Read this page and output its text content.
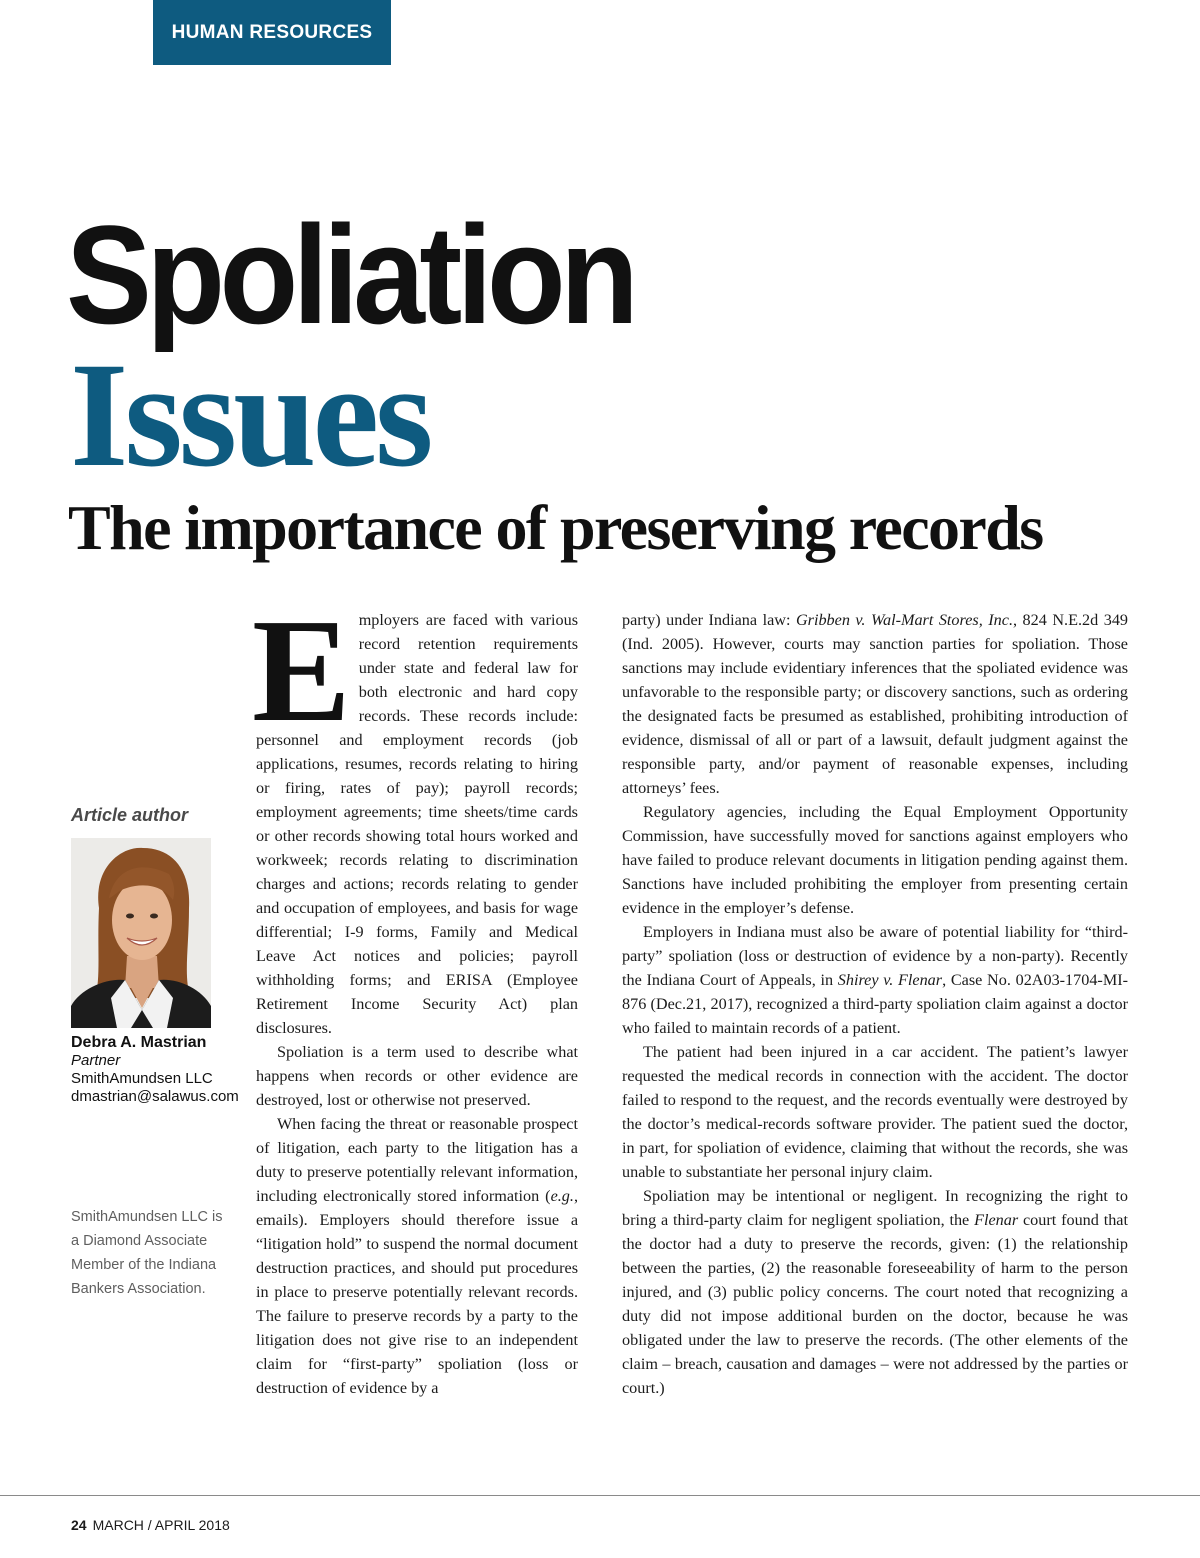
HUMAN RESOURCES
Spoliation
Issues
The importance of preserving records
Article author
Debra A. Mastrian
Partner
SmithAmundsen LLC
dmastrian@salawus.com
SmithAmundsen LLC is a Diamond Associate Member of the Indiana Bankers Association.

Employers are faced with various record retention requirements under state and federal law for both electronic and hard copy records. These records include: personnel and employment records (job applications, resumes, records relating to hiring or firing, rates of pay); payroll records; employment agreements; time sheets/time cards or other records showing total hours worked and workweek; records relating to discrimination charges and actions; records relating to gender and occupation of employees, and basis for wage differential; I-9 forms, Family and Medical Leave Act notices and policies; payroll withholding forms; and ERISA (Employee Retirement Income Security Act) plan disclosures.

Spoliation is a term used to describe what happens when records or other evidence are destroyed, lost or otherwise not preserved.

When facing the threat or reasonable prospect of litigation, each party to the litigation has a duty to preserve potentially relevant information, including electronically stored information (e.g., emails). Employers should therefore issue a “litigation hold” to suspend the normal document destruction practices, and should put procedures in place to preserve potentially relevant records. The failure to preserve records by a party to the litigation does not give rise to an independent claim for “first-party” spoliation (loss or destruction of evidence by a

party) under Indiana law: Gribben v. Wal-Mart Stores, Inc., 824 N.E.2d 349 (Ind. 2005). However, courts may sanction parties for spoliation. Those sanctions may include evidentiary inferences that the spoliated evidence was unfavorable to the responsible party; or discovery sanctions, such as ordering the designated facts be presumed as established, prohibiting introduction of evidence, dismissal of all or part of a lawsuit, default judgment against the responsible party, and/or payment of reasonable expenses, including attorneys’ fees.

Regulatory agencies, including the Equal Employment Opportunity Commission, have successfully moved for sanctions against employers who have failed to produce relevant documents in litigation pending against them. Sanctions have included prohibiting the employer from presenting certain evidence in the employer’s defense.

Employers in Indiana must also be aware of potential liability for “third-party” spoliation (loss or destruction of evidence by a non-party). Recently the Indiana Court of Appeals, in Shirey v. Flenar, Case No. 02A03-1704-MI-876 (Dec.21, 2017), recognized a third-party spoliation claim against a doctor who failed to maintain records of a patient.

The patient had been injured in a car accident. The patient’s lawyer requested the medical records in connection with the accident. The doctor failed to respond to the request, and the records eventually were destroyed by the doctor’s medical-records software provider. The patient sued the doctor, in part, for spoliation of evidence, claiming that without the records, she was unable to substantiate her personal injury claim.

Spoliation may be intentional or negligent. In recognizing the right to bring a third-party claim for negligent spoliation, the Flenar court found that the doctor had a duty to preserve the records, given: (1) the relationship between the parties, (2) the reasonable foreseeability of harm to the person injured, and (3) public policy concerns. The court noted that recognizing a duty did not impose additional burden on the doctor, because he was obligated under the law to preserve the records. (The other elements of the claim – breach, causation and damages – were not addressed by the parties or court.)

24 MARCH / APRIL 2018
